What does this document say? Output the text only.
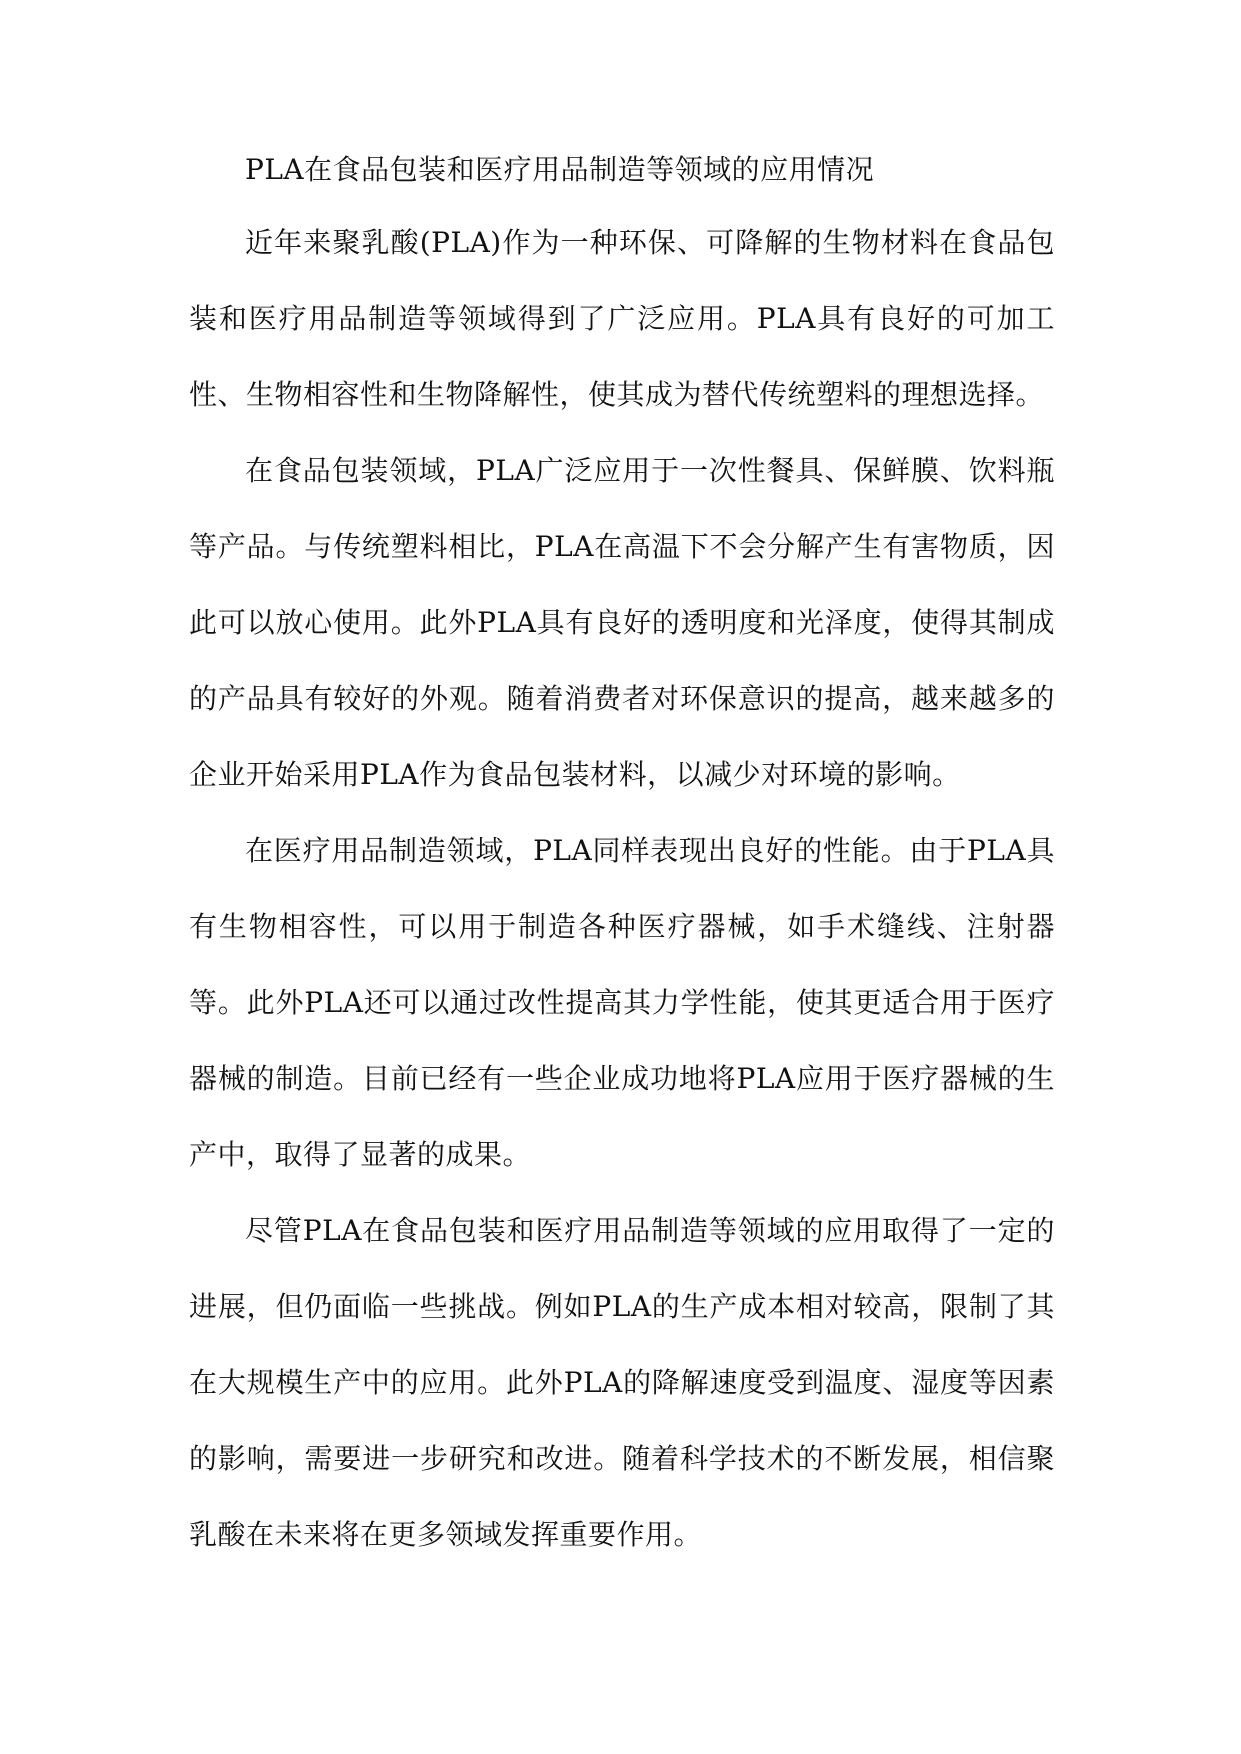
PLA在食品包装和医疗用品制造等领域的应用情况

近年来聚乳酸(PLA)作为一种环保、可降解的生物材料在食品包装和医疗用品制造等领域得到了广泛应用。PLA具有良好的可加工性、生物相容性和生物降解性，使其成为替代传统塑料的理想选择。

在食品包装领域，PLA广泛应用于一次性餐具、保鲜膜、饮料瓶等产品。与传统塑料相比，PLA在高温下不会分解产生有害物质，因此可以放心使用。此外PLA具有良好的透明度和光泽度，使得其制成的产品具有较好的外观。随着消费者对环保意识的提高，越来越多的企业开始采用PLA作为食品包装材料，以减少对环境的影响。

在医疗用品制造领域，PLA同样表现出良好的性能。由于PLA具有生物相容性，可以用于制造各种医疗器械，如手术缝线、注射器等。此外PLA还可以通过改性提高其力学性能，使其更适合用于医疗器械的制造。目前已经有一些企业成功地将PLA应用于医疗器械的生产中，取得了显著的成果。

尽管PLA在食品包装和医疗用品制造等领域的应用取得了一定的进展，但仍面临一些挑战。例如PLA的生产成本相对较高，限制了其在大规模生产中的应用。此外PLA的降解速度受到温度、湿度等因素的影响，需要进一步研究和改进。随着科学技术的不断发展，相信聚乳酸在未来将在更多领域发挥重要作用。
